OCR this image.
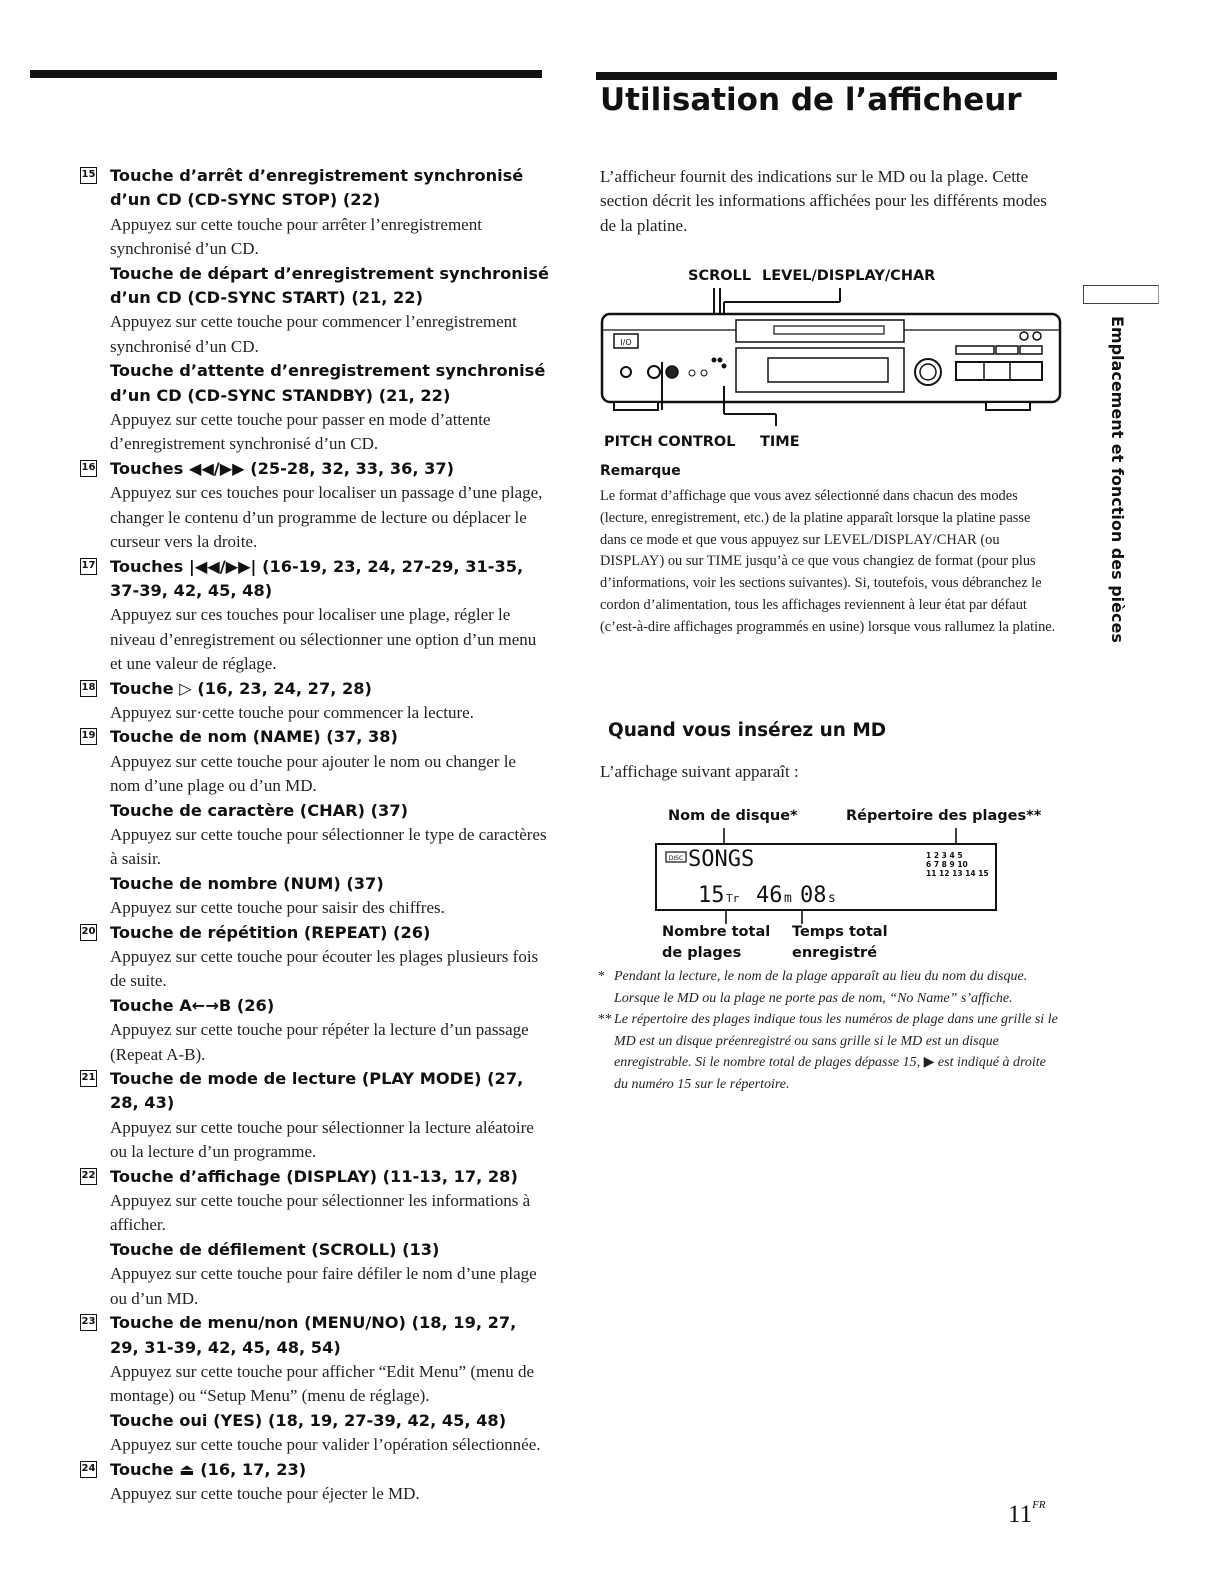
15 Touche d’arrêt d’enregistrement synchronisé d’un CD (CD-SYNC STOP) (22)
Appuyez sur cette touche pour arrêter l’enregistrement synchronisé d’un CD.
Touche de départ d’enregistrement synchronisé d’un CD (CD-SYNC START) (21, 22)
Appuyez sur cette touche pour commencer l’enregistrement synchronisé d’un CD.
Touche d’attente d’enregistrement synchronisé d’un CD (CD-SYNC STANDBY) (21, 22)
Appuyez sur cette touche pour passer en mode d’attente d’enregistrement synchronisé d’un CD.
16 Touches ◀◀/▶▶ (25-28, 32, 33, 36, 37)
Appuyez sur ces touches pour localiser un passage d’une plage, changer le contenu d’un programme de lecture ou déplacer le curseur vers la droite.
17 Touches |◀◀/▶▶| (16-19, 23, 24, 27-29, 31-35, 37-39, 42, 45, 48)
Appuyez sur ces touches pour localiser une plage, régler le niveau d’enregistrement ou sélectionner une option d’un menu et une valeur de réglage.
18 Touche ▷ (16, 23, 24, 27, 28)
Appuyez sur·cette touche pour commencer la lecture.
19 Touche de nom (NAME) (37, 38)
Appuyez sur cette touche pour ajouter le nom ou changer le nom d’une plage ou d’un MD.
Touche de caractère (CHAR) (37)
Appuyez sur cette touche pour sélectionner le type de caractères à saisir.
Touche de nombre (NUM) (37)
Appuyez sur cette touche pour saisir des chiffres.
20 Touche de répétition (REPEAT) (26)
Appuyez sur cette touche pour écouter les plages plusieurs fois de suite.
Touche A←→B (26)
Appuyez sur cette touche pour répéter la lecture d’un passage (Repeat A-B).
21 Touche de mode de lecture (PLAY MODE) (27, 28, 43)
Appuyez sur cette touche pour sélectionner la lecture aléatoire ou la lecture d’un programme.
22 Touche d’affichage (DISPLAY) (11-13, 17, 28)
Appuyez sur cette touche pour sélectionner les informations à afficher.
Touche de défilement (SCROLL) (13)
Appuyez sur cette touche pour faire défiler le nom d’une plage ou d’un MD.
23 Touche de menu/non (MENU/NO) (18, 19, 27, 29, 31-39, 42, 45, 48, 54)
Appuyez sur cette touche pour afficher “Edit Menu” (menu de montage) ou “Setup Menu” (menu de réglage).
Touche oui (YES) (18, 19, 27-39, 42, 45, 48)
Appuyez sur cette touche pour valider l’opération sélectionnée.
24 Touche ⏏ (16, 17, 23)
Appuyez sur cette touche pour éjecter le MD.
Utilisation de l’afficheur

L’afficheur fournit des indications sur le MD ou la plage. Cette section décrit les informations affichées pour les différents modes de la platine.

SCROLL LEVEL/DISPLAY/CHAR
I/O
PITCH CONTROL TIME
Remarque

Le format d’affichage que vous avez sélectionné dans chacun des modes (lecture, enregistrement, etc.) de la platine apparaît lorsque la platine passe dans ce mode et que vous appuyez sur LEVEL/DISPLAY/CHAR (ou DISPLAY) ou sur TIME jusqu’à ce que vous changiez de format (pour plus d’informations, voir les sections suivantes). Si, toutefois, vous débranchez le cordon d’alimentation, tous les affichages reviennent à leur état par défaut (c’est-à-dire affichages programmés en usine) lorsque vous rallumez la platine.

Quand vous insérez un MD
L’affichage suivant apparaît :
Nom de disque*	Répertoire des plages**
DISC SONGS	1 2 3 4 5
6 7 8 9 10
11 12 13 14 15
15 Tr 46 m 08 s
Nombre total de plages
Temps total enregistré

* Pendant la lecture, le nom de la plage apparaît au lieu du nom du disque. Lorsque le MD ou la plage ne porte pas de nom, “No Name” s’affiche.

** Le répertoire des plages indique tous les numéros de plage dans une grille si le MD est un disque préenregistré ou sans grille si le MD est un disque enregistrable. Si le nombre total de plages dépasse 15, ▶ est indiqué à droite du numéro 15 sur le répertoire.

Emplacement et fonction des pièces
$11^{FR}$
